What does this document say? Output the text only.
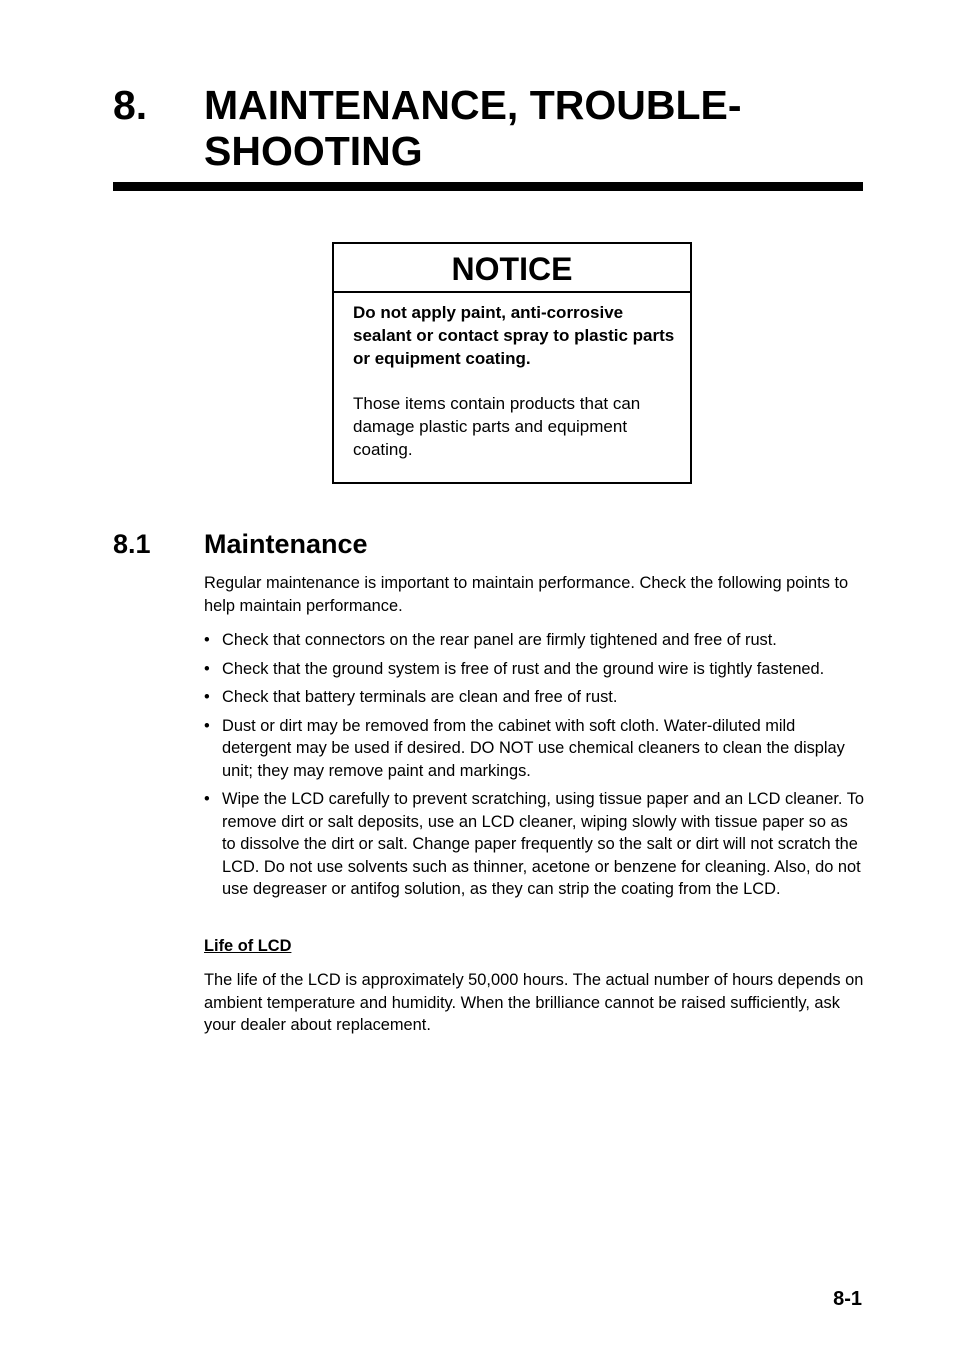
8. MAINTENANCE, TROUBLE-SHOOTING
NOTICE

Do not apply paint, anti-corrosive sealant or contact spray to plastic parts or equipment coating.

Those items contain products that can damage plastic parts and equipment coating.

8.1 Maintenance

Regular maintenance is important to maintain performance. Check the following points to help maintain performance.

• Check that connectors on the rear panel are firmly tightened and free of rust.
• Check that the ground system is free of rust and the ground wire is tightly fastened.
• Check that battery terminals are clean and free of rust.
• Dust or dirt may be removed from the cabinet with soft cloth. Water-diluted mild detergent may be used if desired. DO NOT use chemical cleaners to clean the display unit; they may remove paint and markings.
• Wipe the LCD carefully to prevent scratching, using tissue paper and an LCD cleaner. To remove dirt or salt deposits, use an LCD cleaner, wiping slowly with tissue paper so as to dissolve the dirt or salt. Change paper frequently so the salt or dirt will not scratch the LCD. Do not use solvents such as thinner, acetone or benzene for cleaning. Also, do not use degreaser or antifog solution, as they can strip the coating from the LCD.

Life of LCD

The life of the LCD is approximately 50,000 hours. The actual number of hours depends on ambient temperature and humidity. When the brilliance cannot be raised sufficiently, ask your dealer about replacement.

8-1
